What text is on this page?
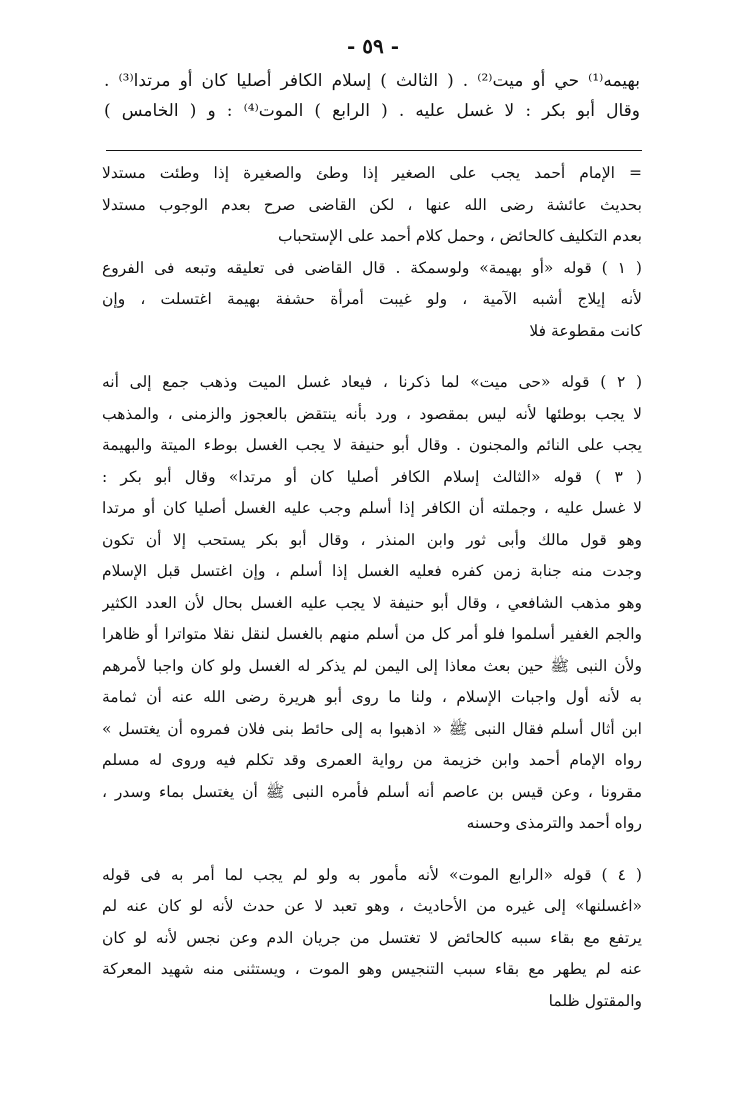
- ٥٩ -
بهيمه⁽¹⁾ حي أو ميت⁽²⁾ . ( الثالث ) إسلام الكافر أصليا كان أو مرتدا⁽³⁾ .
وقال أبو بكر : لا غسل عليه . ( الرابع ) الموت⁽⁴⁾ : و ( الخامس )
= الإمام أحمد يجب على الصغير إذا وطئ والصغيرة إذا وطئت مستدلا
بحديث عائشة رضى الله عنها ، لكن القاضى صرح بعدم الوجوب مستدلا
بعدم التكليف كالحائض ، وحمل كلام أحمد على الإستحباب
( ١ ) قوله «أو بهيمة» ولوسمكة . قال القاضى فى تعليقه وتبعه فى الفروع
لأنه إيلاج أشبه الآمية ، ولو غيبت أمرأة حشفة بهيمة اغتسلت ، وإن
كانت مقطوعة فلا
( ٢ ) قوله «حى ميت» لما ذكرنا ، فيعاد غسل الميت وذهب جمع إلى أنه
لا يجب بوطئها لأنه ليس بمقصود ، ورد بأنه ينتقض بالعجوز والزمنى ، والمذهب
يجب على النائم والمجنون . وقال أبو حنيفة لا يجب الغسل بوطء الميتة والبهيمة
( ٣ ) قوله «الثالث إسلام الكافر أصليا كان أو مرتدا» وقال أبو بكر :
لا غسل عليه ، وجملته أن الكافر إذا أسلم وجب عليه الغسل أصليا كان أو مرتدا
وهو قول مالك وأبى ثور وابن المنذر ، وقال أبو بكر يستحب إلا أن تكون
وجدت منه جنابة زمن كفره فعليه الغسل إذا أسلم ، وإن اغتسل قبل الإسلام
وهو مذهب الشافعي ، وقال أبو حنيفة لا يجب عليه الغسل بحال لأن العدد الكثير
والجم الغفير أسلموا فلو أمر كل من أسلم منهم بالغسل لنقل نقلا متواترا أو ظاهرا
ولأن النبى ﷺ حين بعث معاذا إلى اليمن لم يذكر له الغسل ولو كان واجبا لأمرهم
به لأنه أول واجبات الإسلام ، ولنا ما روى أبو هريرة رضى الله عنه أن ثمامة
ابن أثال أسلم فقال النبى ﷺ « اذهبوا به إلى حائط بنى فلان فمروه أن يغتسل »
رواه الإمام أحمد وابن خزيمة من رواية العمرى وقد تكلم فيه وروى له مسلم
مقرونا ، وعن قيس بن عاصم أنه أسلم فأمره النبى ﷺ أن يغتسل بماء وسدر ،
رواه أحمد والترمذى وحسنه
( ٤ ) قوله «الرابع الموت» لأنه مأمور به ولو لم يجب لما أمر به فى قوله
«اغسلنها» إلى غيره من الأحاديث ، وهو تعبد لا عن حدث لأنه لو كان عنه لم
يرتفع مع بقاء سببه كالحائض لا تغتسل من جريان الدم وعن نجس لأنه لو كان
عنه لم يطهر مع بقاء سبب التنجيس وهو الموت ، ويستثنى منه شهيد المعركة
والمقتول ظلما
